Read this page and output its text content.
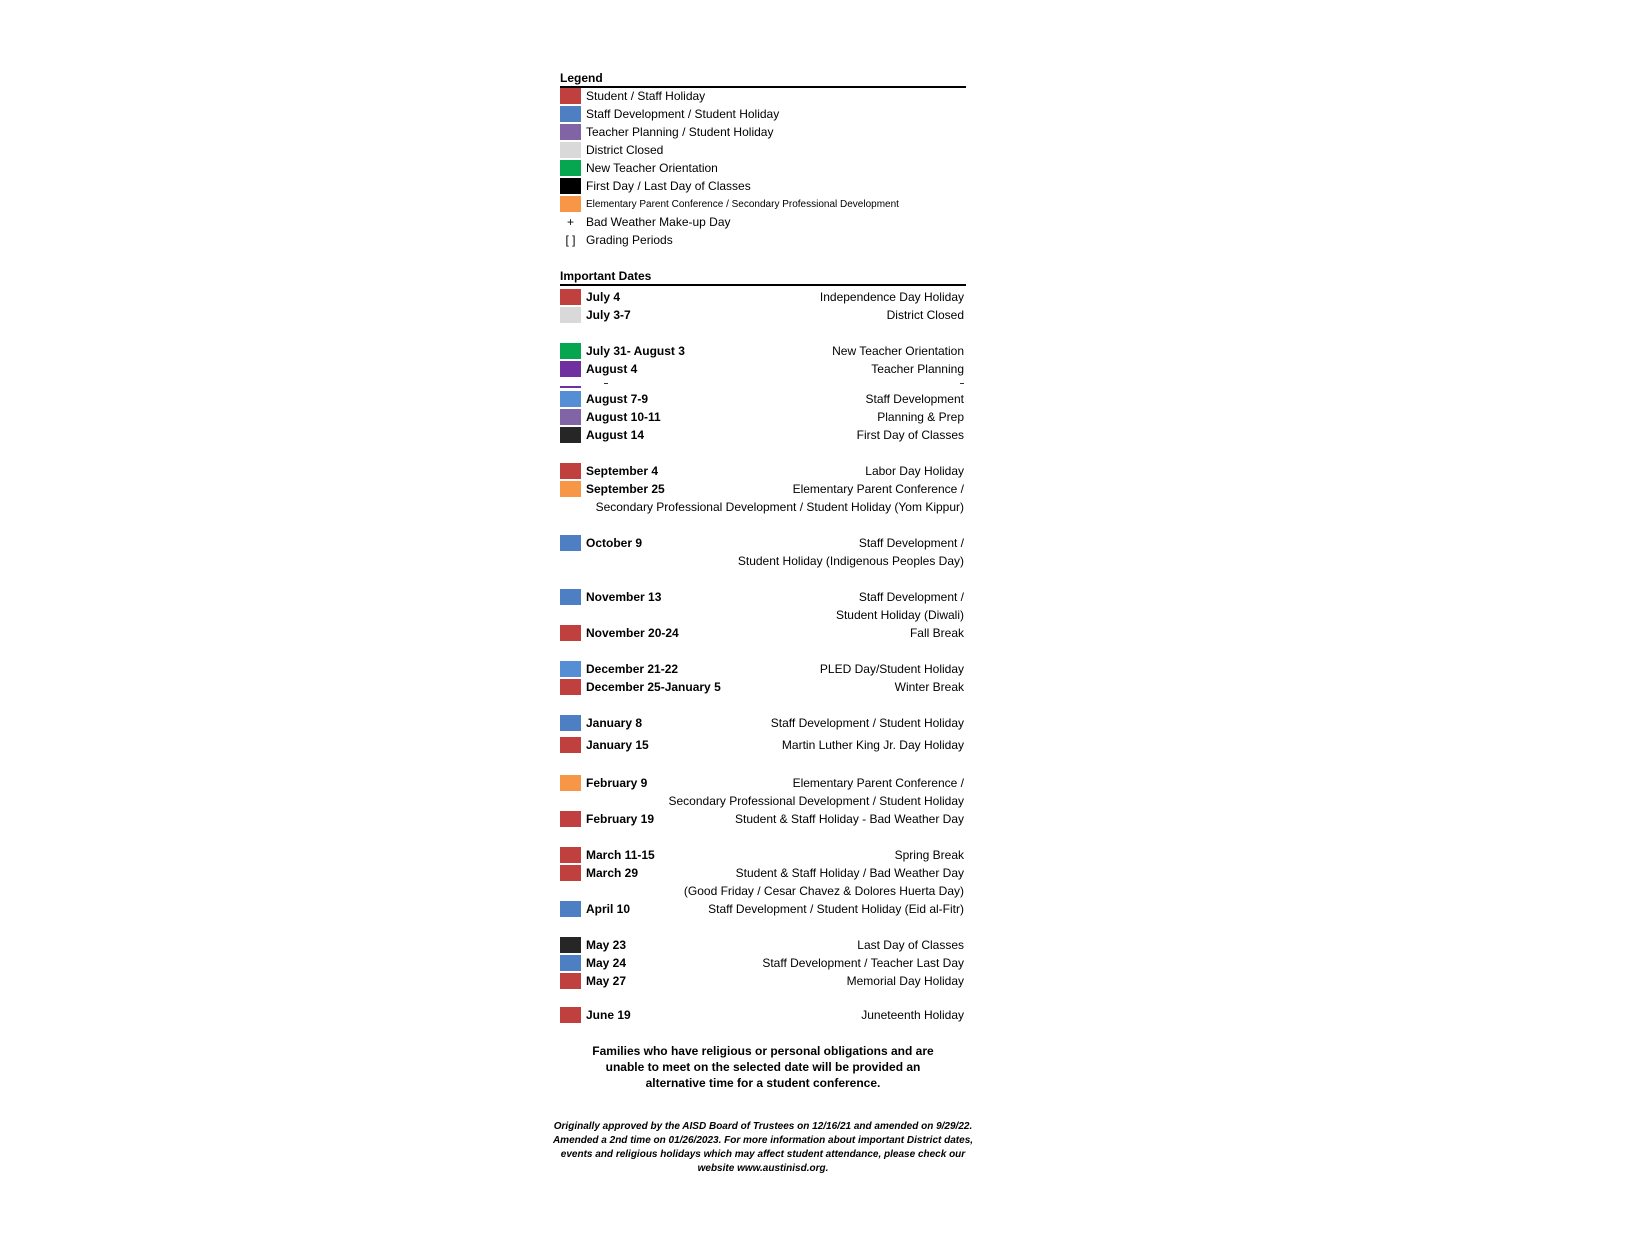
Legend
Student / Staff Holiday
Staff Development / Student Holiday
Teacher Planning / Student Holiday
District Closed
New Teacher Orientation
First Day / Last Day of Classes
Elementary Parent Conference / Secondary Professional Development
+	Bad Weather Make-up Day
[ ] Grading Periods
Important Dates
July 4	Independence Day Holiday
July 3-7	District Closed
July 31- August 3	New Teacher Orientation
August 4	Teacher Planning
August 7-9	Staff Development
August 10-11	Planning & Prep
August 14	First Day of Classes
September 4	Labor Day Holiday
September 25	Elementary Parent Conference /
Secondary Professional Development / Student Holiday (Yom Kippur)
October 9	Staff Development /
Student Holiday (Indigenous Peoples Day)
November 13	Staff Development /
Student Holiday (Diwali)
November 20-24	Fall Break
December 21-22	PLED Day/Student Holiday
December 25-January 5	Winter Break
January 8	Staff Development / Student Holiday
January 15	Martin Luther King Jr. Day Holiday
February 9	Elementary Parent Conference /
Secondary Professional Development / Student Holiday
February 19	Student & Staff Holiday - Bad Weather Day
March 11-15	Spring Break
March 29	Student & Staff Holiday / Bad Weather Day
(Good Friday / Cesar Chavez & Dolores Huerta Day)
April 10	Staff Development / Student Holiday (Eid al-Fitr)
May 23	Last Day of Classes
May 24	Staff Development / Teacher Last Day
May 27	Memorial Day Holiday
June 19	Juneteenth Holiday
Families who have religious or personal obligations and are
unable to meet on the selected date will be provided an
alternative time for a student conference.
Originally approved by the AISD Board of Trustees on 12/16/21 and amended on 9/29/22.
Amended a 2nd time on 01/26/2023. For more information about important District dates,
events and religious holidays which may affect student attendance, please check our
website www.austinisd.org.
